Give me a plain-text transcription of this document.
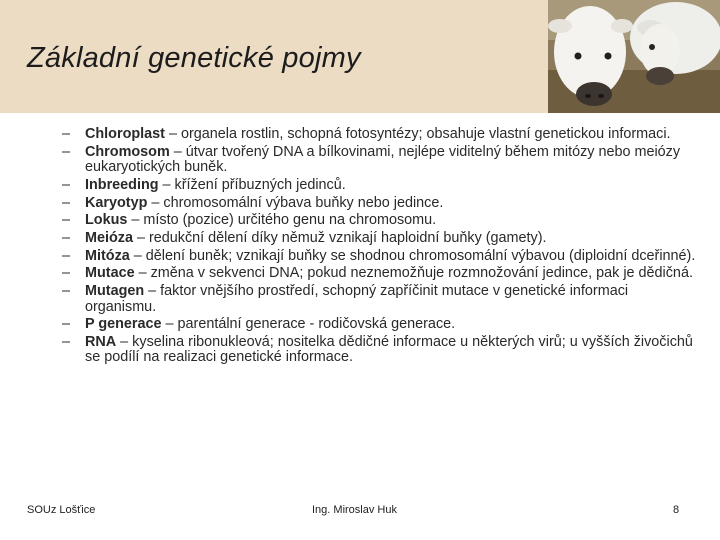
Základní genetické pojmy
– Chloroplast – organela rostlin, schopná fotosyntézy; obsahuje vlastní genetickou informaci.
– Chromosom – útvar tvořený DNA a bílkovinami, nejlépe viditelný během mitózy nebo meiózy eukaryotických buněk.
– Inbreeding – křížení příbuzných jedinců.
– Karyotyp – chromosomální výbava buňky nebo jedince.
– Lokus – místo (pozice) určitého genu na chromosomu.
– Meióza – redukční dělení díky němuž vznikají haploidní buňky (gamety).
– Mitóza – dělení buněk; vznikají buňky se shodnou chromosomální výbavou (diploidní dceřinné).
– Mutace – změna v sekvenci DNA; pokud neznemožňuje rozmnožování jedince, pak je dědičná.
– Mutagen – faktor vnějšího prostředí, schopný zapříčinit mutace v genetické informaci organismu.
– P generace – parentální generace - rodičovská generace.
– RNA – kyselina ribonukleová; nositelka dědičné informace u některých virů; u vyšších živočichů se podílí na realizaci genetické informace.
SOUz Lošťice	Ing. Miroslav Huk	8
